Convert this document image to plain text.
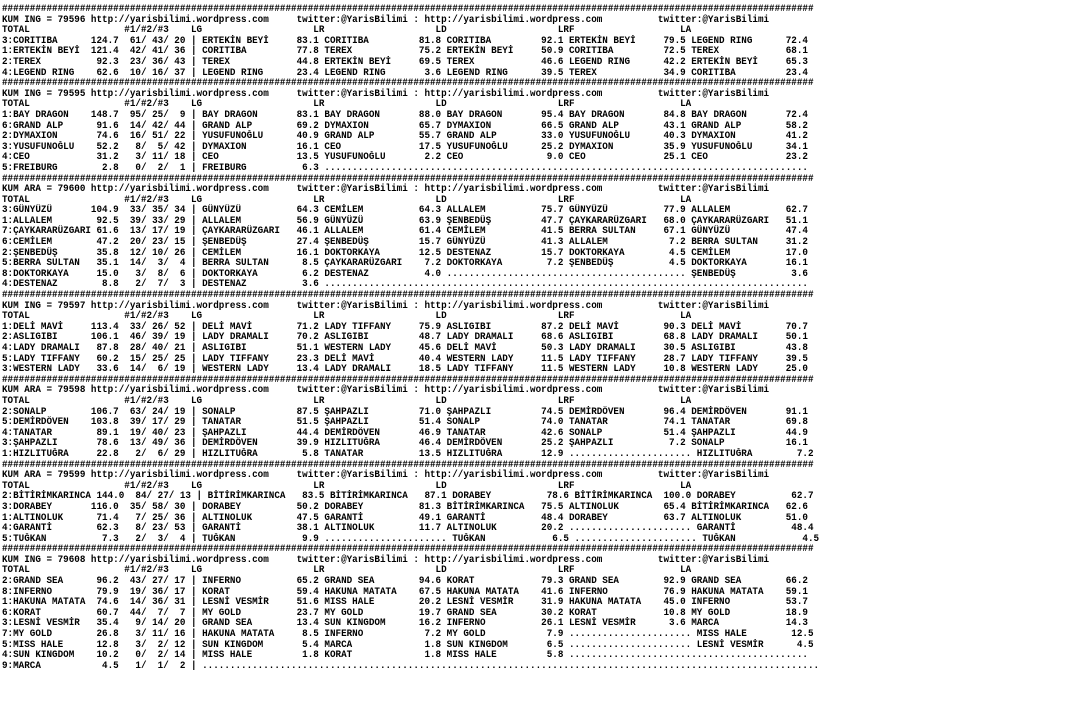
##################################################################################################################################################
KUM ING = 79596 http://yarisbilimi.wordpress.com     twitter:@YarisBilimi : http://yarisbilimi.wordpress.com          twitter:@YarisBilimi
TOTAL                 #1/#2/#3    LG                    LR                    LD                    LRF                   LA
3:CORITIBA      124.7  61/ 43/ 20 | ERTEKİN BEYİ     83.1 CORITIBA         81.8 CORITIBA         92.1 ERTEKİN BEYİ     79.5 LEGEND RING      72.4
1:ERTEKİN BEYİ  121.4  42/ 41/ 36 | CORITIBA         77.8 TEREX            75.2 ERTEKİN BEYİ     50.9 CORITIBA         72.5 TEREX            68.1
2:TEREX          92.3  23/ 36/ 43 | TEREX            44.8 ERTEKİN BEYİ     69.5 TEREX            46.6 LEGEND RING      42.2 ERTEKİN BEYİ     65.3
4:LEGEND RING    62.6  10/ 16/ 37 | LEGEND RING      23.4 LEGEND RING       3.6 LEGEND RING      39.5 TEREX            34.9 CORITIBA         23.4
##################################################################################################################################################
KUM ING = 79595 http://yarisbilimi.wordpress.com     twitter:@YarisBilimi : http://yarisbilimi.wordpress.com          twitter:@YarisBilimi
TOTAL                 #1/#2/#3    LG                    LR                    LD                    LRF                   LA
1:BAY DRAGON    148.7  95/ 25/  9 | BAY DRAGON       83.1 BAY DRAGON       88.0 BAY DRAGON       95.4 BAY DRAGON       84.8 BAY DRAGON       72.4
6:GRAND ALP      91.6  14/ 42/ 44 | GRAND ALP        69.2 DYMAXION         65.7 DYMAXION         66.5 GRAND ALP        43.1 GRAND ALP        58.2
2:DYMAXION       74.6  16/ 51/ 22 | YUSUFUNOĞLU      40.9 GRAND ALP        55.7 GRAND ALP        33.0 YUSUFUNOĞLU      40.3 DYMAXION         41.2
3:YUSUFUNOĞLU    52.2   8/  5/ 42 | DYMAXION         16.1 CEO              17.5 YUSUFUNOĞLU      25.2 DYMAXION         35.9 YUSUFUNOĞLU      34.1
4:CEO            31.2   3/ 11/ 18 | CEO              13.5 YUSUFUNOĞLU       2.2 CEO               9.0 CEO              25.1 CEO              23.2
5:FREIBURG        2.8   0/  2/  1 | FREIBURG          6.3 .......................................................................................
##################################################################################################################################################
KUM ARA = 79600 http://yarisbilimi.wordpress.com     twitter:@YarisBilimi : http://yarisbilimi.wordpress.com          twitter:@YarisBilimi
TOTAL                 #1/#2/#3    LG                    LR                    LD                    LRF                   LA
3:GÜNYÜZÜ       104.9  33/ 35/ 34 | GÜNYÜZÜ          64.3 CEMİLEM          64.3 ALLALEM          75.7 GÜNYÜZÜ          77.9 ALLALEM          62.7
1:ALLALEM        92.5  39/ 33/ 29 | ALLALEM          56.9 GÜNYÜZÜ          63.9 ŞENBEDÜŞ         47.7 ÇAYKARARÜZGARI   68.0 ÇAYKARARÜZGARI   51.1
7:ÇAYKARARÜZGARI 61.6  13/ 17/ 19 | ÇAYKARARÜZGARI   46.1 ALLALEM          61.4 CEMİLEM          41.5 BERRA SULTAN     67.1 GÜNYÜZÜ          47.4
6:CEMİLEM        47.2  20/ 23/ 15 | ŞENBEDÜŞ         27.4 ŞENBEDÜŞ         15.7 GÜNYÜZÜ          41.3 ALLALEM           7.2 BERRA SULTAN     31.2
2:ŞENBEDÜŞ       35.8  12/ 10/ 26 | CEMİLEM          16.1 DOKTORKAYA       12.5 DESTENAZ         15.7 DOKTORKAYA        4.5 CEMİLEM          17.0
5:BERRA SULTAN   35.1  14/  3/  4 | BERRA SULTAN      8.5 ÇAYKARARÜZGARI    7.2 DOKTORKAYA        7.2 ŞENBEDÜŞ          4.5 DOKTORKAYA       16.1
8:DOKTORKAYA     15.0   3/  8/  6 | DOKTORKAYA        6.2 DESTENAZ          4.0 ........................................... ŞENBEDÜŞ          3.6
4:DESTENAZ        8.8   2/  7/  3 | DESTENAZ          3.6 .......................................................................................
##################################################################################################################################################
KUM ING = 79597 http://yarisbilimi.wordpress.com     twitter:@YarisBilimi : http://yarisbilimi.wordpress.com          twitter:@YarisBilimi
TOTAL                 #1/#2/#3    LG                    LR                    LD                    LRF                   LA
1:DELİ MAVİ     113.4  33/ 26/ 52 | DELİ MAVİ        71.2 LADY TIFFANY     75.9 ASLIGIBI         87.2 DELİ MAVİ        90.3 DELİ MAVİ        70.7
2:ASLIGIBI      106.1  46/ 39/ 19 | LADY DRAMALI     70.2 ASLIGIBI         48.7 LADY DRAMALI     68.6 ASLIGIBI         68.8 LADY DRAMALI     50.1
4:LADY DRAMALI   87.8  28/ 40/ 21 | ASLIGIBI         51.1 WESTERN LADY     45.6 DELİ MAVİ        50.3 LADY DRAMALI     30.5 ASLIGIBI         43.8
5:LADY TIFFANY   60.2  15/ 25/ 25 | LADY TIFFANY     23.3 DELİ MAVİ        40.4 WESTERN LADY     11.5 LADY TIFFANY     28.7 LADY TIFFANY     39.5
3:WESTERN LADY   33.6  14/  6/ 19 | WESTERN LADY     13.4 LADY DRAMALI     18.5 LADY TIFFANY     11.5 WESTERN LADY     10.8 WESTERN LADY     25.0
##################################################################################################################################################
KUM ARA = 79598 http://yarisbilimi.wordpress.com     twitter:@YarisBilimi : http://yarisbilimi.wordpress.com          twitter:@YarisBilimi
TOTAL                 #1/#2/#3    LG                    LR                    LD                    LRF                   LA
2:SONALP        106.7  63/ 24/ 19 | SONALP           87.5 ŞAHPAZLI         71.0 ŞAHPAZLI         74.5 DEMİRDÖVEN       96.4 DEMİRDÖVEN       91.1
5:DEMİRDÖVEN    103.8  39/ 17/ 29 | TANATAR          51.5 ŞAHPAZLI         51.4 SONALP           74.0 TANATAR          74.1 TANATAR          69.8
4:TANATAR        89.1  19/ 40/ 23 | ŞAHPAZLI         44.4 DEMİRDÖVEN       46.9 TANATAR          42.6 SONALP           51.4 ŞAHPAZLI         44.9
3:ŞAHPAZLI       78.6  13/ 49/ 36 | DEMİRDÖVEN       39.9 HIZLITUĞRA       46.4 DEMİRDÖVEN       25.2 ŞAHPAZLI          7.2 SONALP           16.1
1:HIZLITUĞRA     22.8   2/  6/ 29 | HIZLITUĞRA        5.8 TANATAR          13.5 HIZLITUĞRA       12.9 ...................... HIZLITUĞRA        7.2
##################################################################################################################################################
KUM ARA = 79599 http://yarisbilimi.wordpress.com     twitter:@YarisBilimi : http://yarisbilimi.wordpress.com          twitter:@YarisBilimi
TOTAL                 #1/#2/#3    LG                    LR                    LD                    LRF                   LA
2:BİTİRİMKARINCA 144.0  84/ 27/ 13 | BİTİRİMKARINCA   83.5 BİTİRİMKARINCA   87.1 DORABEY          78.6 BİTİRİMKARINCA  100.0 DORABEY          62.7
3:DORABEY       116.0  35/ 58/ 30 | DORABEY          50.2 DORABEY          81.3 BİTİRİMKARINCA   75.5 ALTINOLUK        65.4 BİTİRİMKARINCA   62.6
1:ALTINOLUK      71.4   7/ 25/ 36 | ALTINOLUK        47.5 GARANTİ          49.1 GARANTİ          48.4 DORABEY          63.7 ALTINOLUK        51.0
4:GARANTİ        62.3   8/ 23/ 53 | GARANTİ          38.1 ALTINOLUK        11.7 ALTINOLUK        20.2 ...................... GARANTİ          48.4
5:TUĞKAN          7.3   2/  3/  4 | TUĞKAN            9.9 ...................... TUĞKAN            6.5 ...................... TUĞKAN            4.5
##################################################################################################################################################
KUM ING = 79608 http://yarisbilimi.wordpress.com     twitter:@YarisBilimi : http://yarisbilimi.wordpress.com          twitter:@YarisBilimi
TOTAL                 #1/#2/#3    LG                    LR                    LD                    LRF                   LA
2:GRAND SEA      96.2  43/ 27/ 17 | INFERNO          65.2 GRAND SEA        94.6 KORAT            79.3 GRAND SEA        92.9 GRAND SEA        66.2
8:INFERNO        79.9  19/ 36/ 17 | KORAT            59.4 HAKUNA MATATA    67.5 HAKUNA MATATA    41.6 INFERNO          76.9 HAKUNA MATATA    59.1
1:HAKUNA MATATA  74.6  14/ 36/ 31 | LESNİ VESMİR     51.6 MISS HALE        20.2 LESNİ VESMİR     31.9 HAKUNA MATATA    45.0 INFERNO          53.7
6:KORAT          60.7  44/  7/  7 | MY GOLD          23.7 MY GOLD          19.7 GRAND SEA        30.2 KORAT            10.8 MY GOLD          18.9
3:LESNİ VESMİR   35.4   9/ 14/ 20 | GRAND SEA        13.4 SUN KINGDOM      16.2 INFERNO          26.1 LESNİ VESMİR      3.6 MARCA            14.3
7:MY GOLD        26.8   3/ 11/ 16 | HAKUNA MATATA     8.5 INFERNO           7.2 MY GOLD           7.9 ...................... MISS HALE        12.5
5:MISS HALE      12.8   3/  2/ 12 | SUN KINGDOM       5.4 MARCA             1.8 SUN KINGDOM       6.5 ...................... LESNİ VESMİR      4.5
4:SUN KINGDOM    10.2   0/  2/ 14 | MISS HALE         1.8 KORAT             1.8 MISS HALE         5.8 ...........................................
9:MARCA           4.5   1/  1/  2 | ...............................................................................................................
